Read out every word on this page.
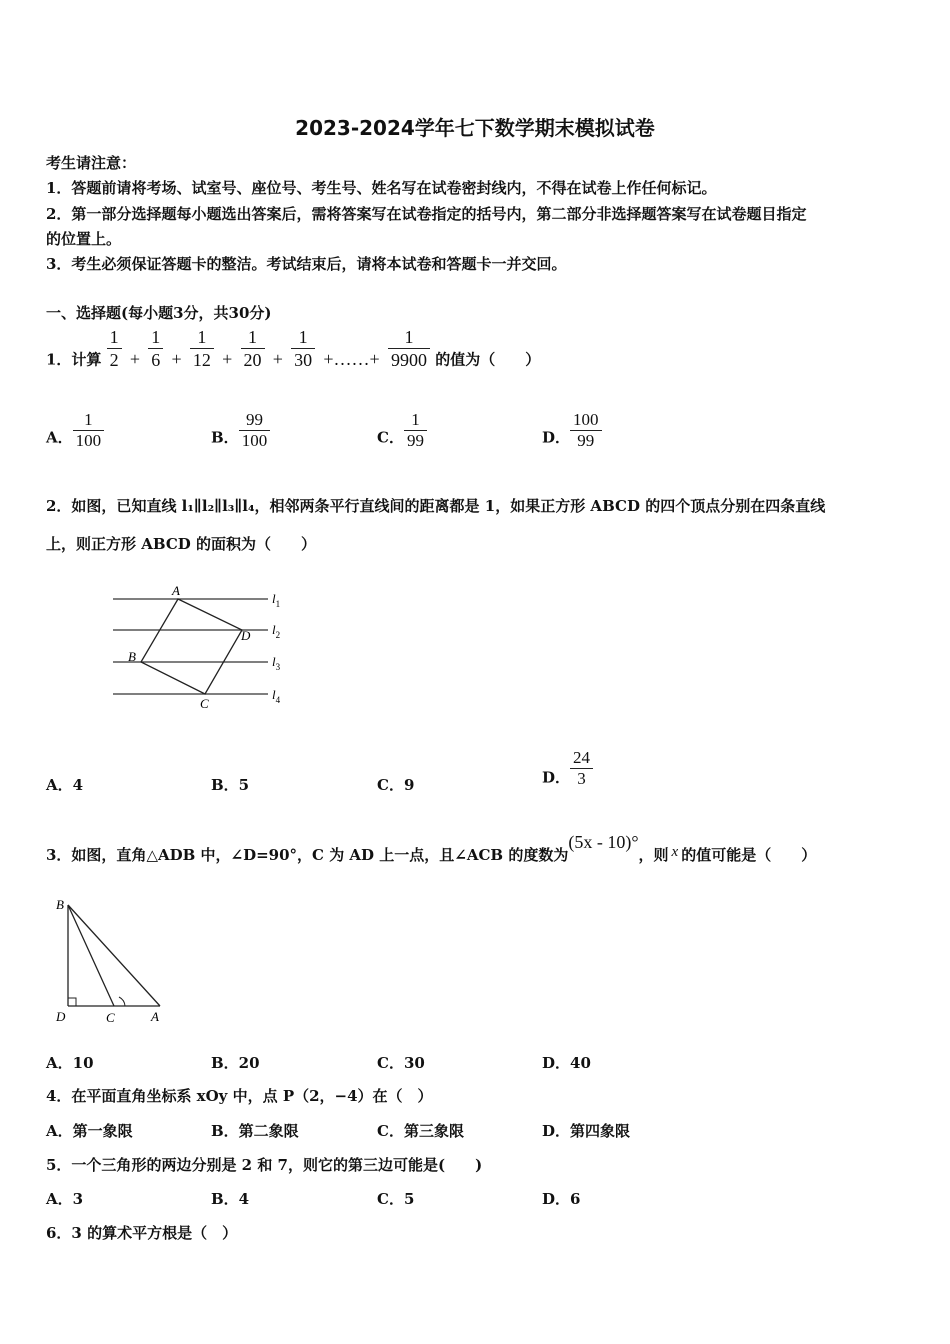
2023-2024学年七下数学期末模拟试卷
考生请注意：
1．答题前请将考场、试室号、座位号、考生号、姓名写在试卷密封线内，不得在试卷上作任何标记。
2．第一部分选择题每小题选出答案后，需将答案写在试卷指定的括号内，第二部分非选择题答案写在试卷题目指定
的位置上。
3．考生必须保证答题卡的整洁。考试结束后，请将本试卷和答题卡一并交回。
一、选择题(每小题3分，共30分)
1．计算 $\frac{1}{2} + \frac{1}{6} + \frac{1}{12} + \frac{1}{20} + \frac{1}{30}$ +……+ $\frac{1}{9900}$ 的值为（　　）
A． $\frac{1}{100}$	B． $\frac{99}{100}$	C． $\frac{1}{99}$	D． $\frac{100}{99}$
2．如图，已知直线 l₁∥l₂∥l₃∥l₄，相邻两条平行直线间的距离都是 1，如果正方形 ABCD 的四个顶点分别在四条直线
上，则正方形 ABCD 的面积为（　　）
A
D
B
C
$l_1$
$l_2$
$l_3$
$l_4$
A．4	B．5	C．9	D． $\frac{24}{3}$
3．如图，直角△ADB 中，∠D=90°，C 为 AD 上一点，且∠ACB 的度数为(5x - 10)°，则 x 的值可能是（　　）
B
D	C	A
A．10	B．20	C．30	D．40
4．在平面直角坐标系 xOy 中，点 P（2，−4）在（　）
A．第一象限	B．第二象限	C．第三象限	D．第四象限
5．一个三角形的两边分别是 2 和 7，则它的第三边可能是(　　)
A．3	B．4	C．5	D．6
6．3 的算术平方根是（　）
